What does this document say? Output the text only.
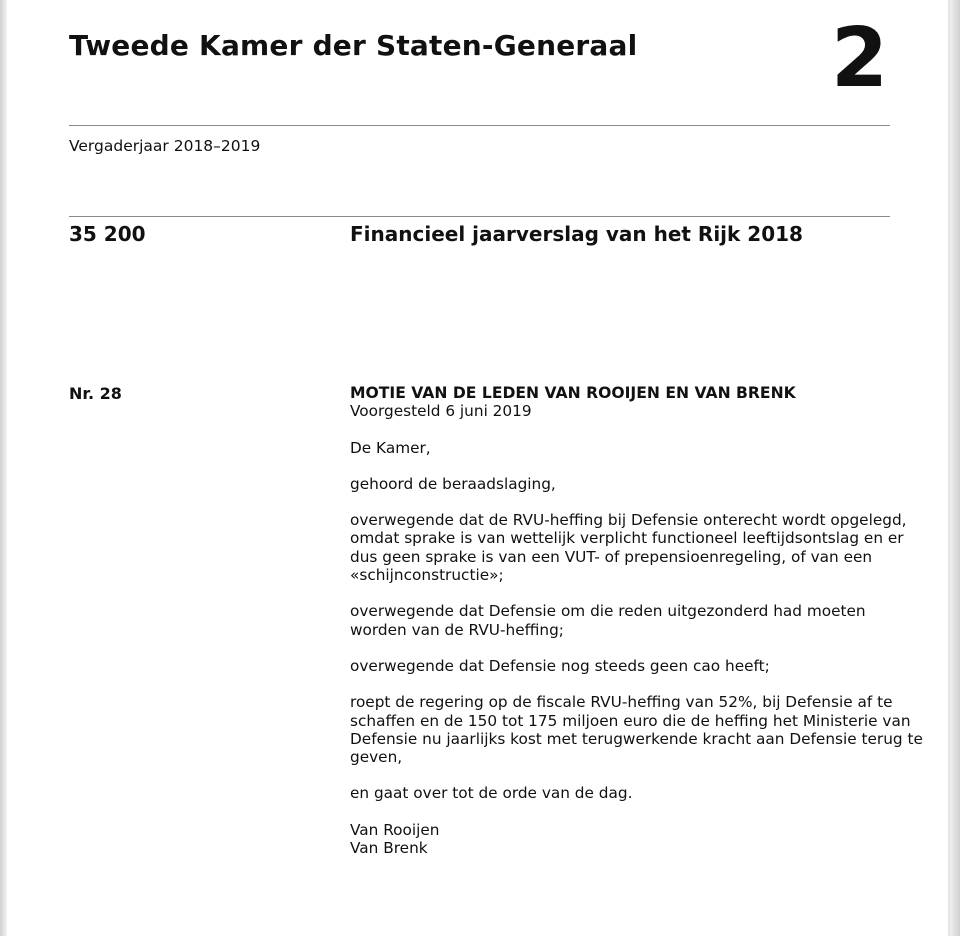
Tweede Kamer der Staten-Generaal 2
Vergaderjaar 2018–2019
35 200	Financieel jaarverslag van het Rijk 2018
Nr. 28	MOTIE VAN DE LEDEN VAN ROOIJEN EN VAN BRENK
Voorgesteld 6 juni 2019

De Kamer,

gehoord de beraadslaging,

overwegende dat de RVU-heffing bij Defensie onterecht wordt opgelegd,
omdat sprake is van wettelijk verplicht functioneel leeftijdsontslag en er
dus geen sprake is van een VUT- of prepensioenregeling, of van een
«schijnconstructie»;

overwegende dat Defensie om die reden uitgezonderd had moeten
worden van de RVU-heffing;

overwegende dat Defensie nog steeds geen cao heeft;

roept de regering op de fiscale RVU-heffing van 52%, bij Defensie af te
schaffen en de 150 tot 175 miljoen euro die de heffing het Ministerie van
Defensie nu jaarlijks kost met terugwerkende kracht aan Defensie terug te
geven,

en gaat over tot de orde van de dag.

Van Rooijen
Van Brenk
